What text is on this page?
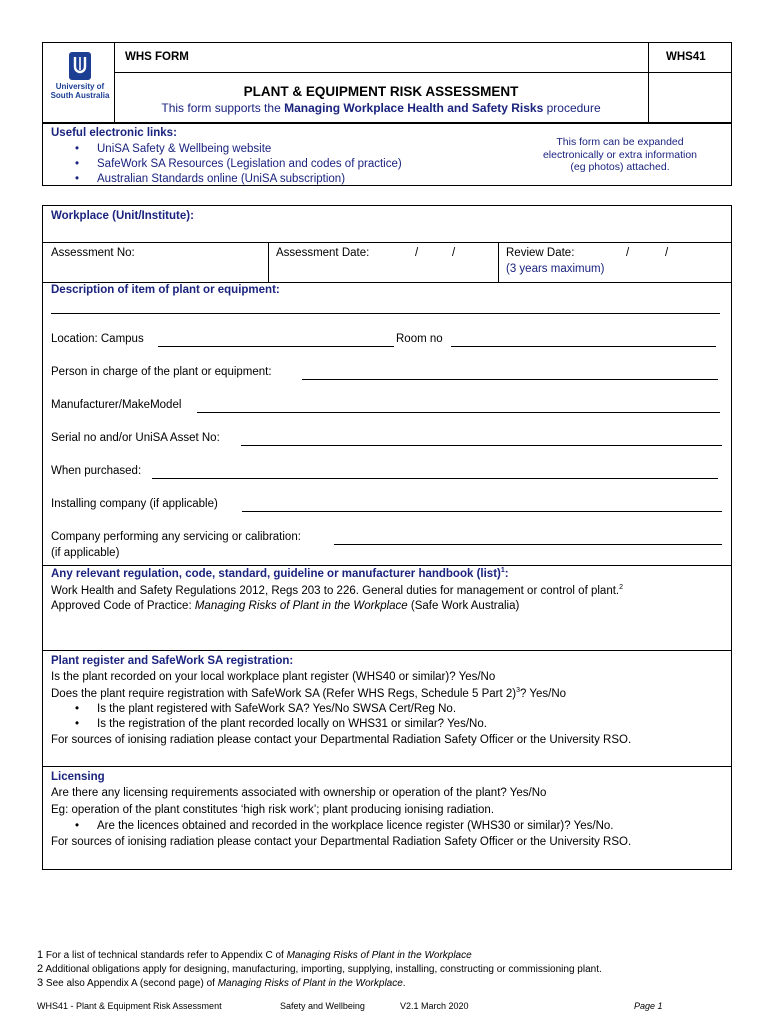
University of
South Australia
WHS FORM	WHS41
PLANT & EQUIPMENT RISK ASSESSMENT
This form supports the Managing Workplace Health and Safety Risks procedure
Useful electronic links:
• UniSA Safety & Wellbeing website
• SafeWork SA Resources (Legislation and codes of practice)
• Australian Standards online (UniSA subscription)
This form can be expanded
electronically or extra information
(eg photos) attached.
Workplace (Unit/Institute):
Assessment No:	Assessment Date:	/	/	Review Date:	/	/
(3 years maximum)
Description of item of plant or equipment:
Location: Campus	Room no
Person in charge of the plant or equipment:
Manufacturer/MakeModel
Serial no and/or UniSA Asset No:
When purchased:
Installing company (if applicable)
Company performing any servicing or calibration:
(if applicable)
Any relevant regulation, code, standard, guideline or manufacturer handbook (list)$^1$:
Work Health and Safety Regulations 2012, Regs 203 to 226. General duties for management or control of plant.$^2$
Approved Code of Practice: Managing Risks of Plant in the Workplace (Safe Work Australia)
Plant register and SafeWork SA registration:
Is the plant recorded on your local workplace plant register (WHS40 or similar)? Yes/No
Does the plant require registration with SafeWork SA (Refer WHS Regs, Schedule 5 Part 2)$^3$? Yes/No
• Is the plant registered with SafeWork SA? Yes/No SWSA Cert/Reg No.
• Is the registration of the plant recorded locally on WHS31 or similar? Yes/No.
For sources of ionising radiation please contact your Departmental Radiation Safety Officer or the University RSO.
Licensing
Are there any licensing requirements associated with ownership or operation of the plant? Yes/No
Eg: operation of the plant constitutes ‘high risk work’; plant producing ionising radiation.
• Are the licences obtained and recorded in the workplace licence register (WHS30 or similar)? Yes/No.
For sources of ionising radiation please contact your Departmental Radiation Safety Officer or the University RSO.
1 For a list of technical standards refer to Appendix C of Managing Risks of Plant in the Workplace
2 Additional obligations apply for designing, manufacturing, importing, supplying, installing, constructing or commissioning plant.
3 See also Appendix A (second page) of Managing Risks of Plant in the Workplace.
WHS41 - Plant & Equipment Risk Assessment	Safety and Wellbeing	V2.1 March 2020	Page 1
